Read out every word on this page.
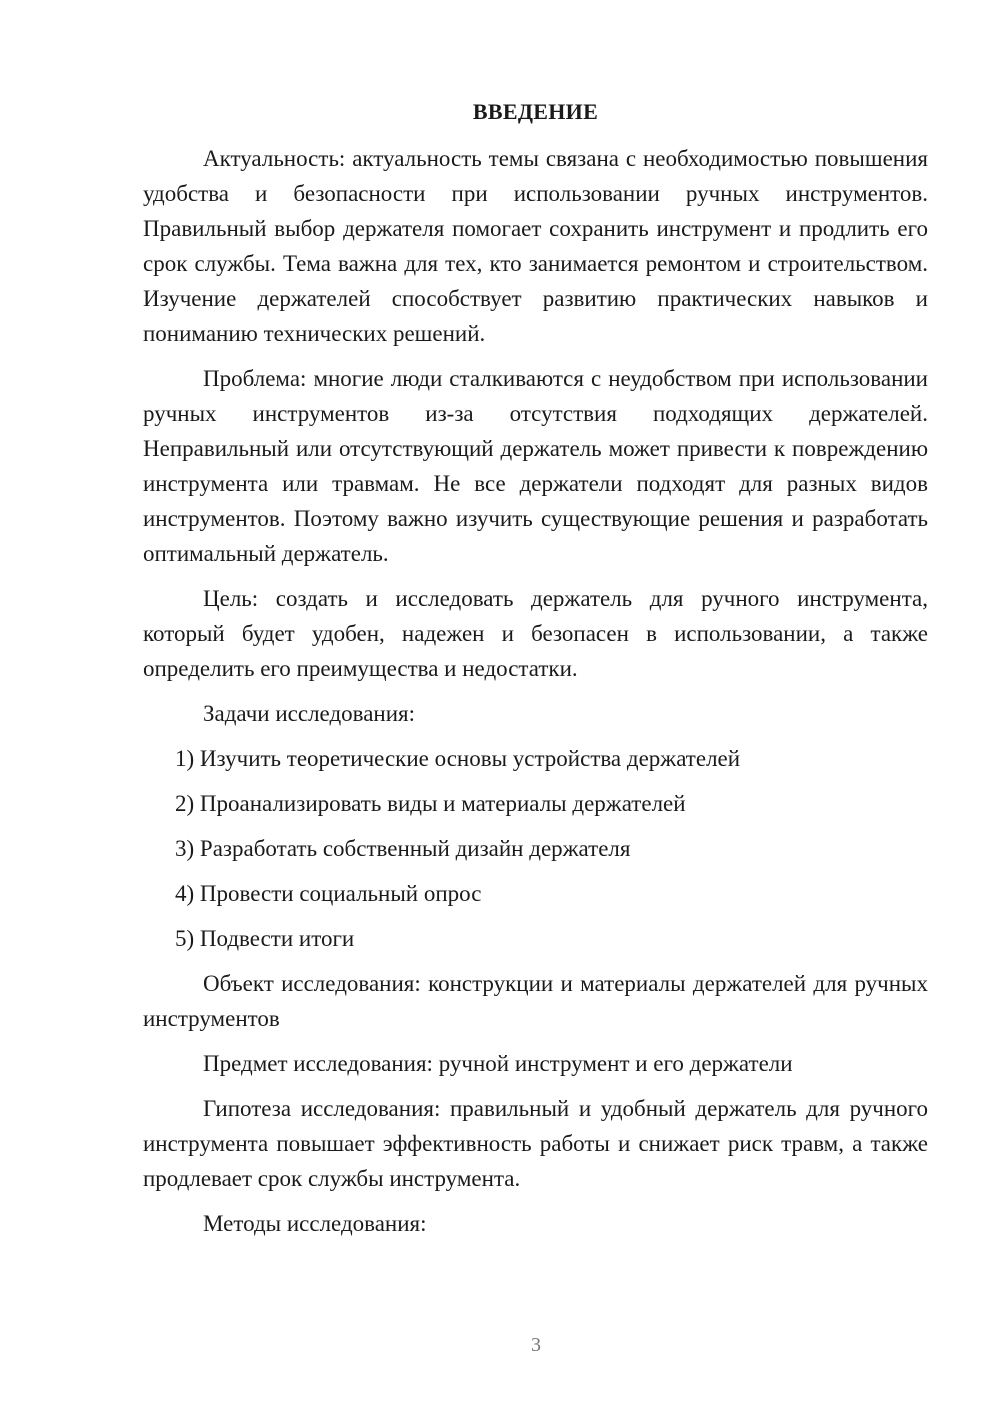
ВВЕДЕНИЕ

Актуальность: актуальность темы связана с необходимостью повышения удобства и безопасности при использовании ручных инструментов. Правильный выбор держателя помогает сохранить инструмент и продлить его срок службы. Тема важна для тех, кто занимается ремонтом и строительством. Изучение держателей способствует развитию практических навыков и пониманию технических решений.

Проблема: многие люди сталкиваются с неудобством при использовании ручных инструментов из-за отсутствия подходящих держателей. Неправильный или отсутствующий держатель может привести к повреждению инструмента или травмам. Не все держатели подходят для разных видов инструментов. Поэтому важно изучить существующие решения и разработать оптимальный держатель.

Цель: создать и исследовать держатель для ручного инструмента, который будет удобен, надежен и безопасен в использовании, а также определить его преимущества и недостатки.

Задачи исследования:

1) Изучить теоретические основы устройства держателей
2) Проанализировать виды и материалы держателей
3) Разработать собственный дизайн держателя
4) Провести социальный опрос
5) Подвести итоги

Объект исследования: конструкции и материалы держателей для ручных инструментов

Предмет исследования: ручной инструмент и его держатели

Гипотеза исследования: правильный и удобный держатель для ручного инструмента повышает эффективность работы и снижает риск травм, а также продлевает срок службы инструмента.

Методы исследования:

3
